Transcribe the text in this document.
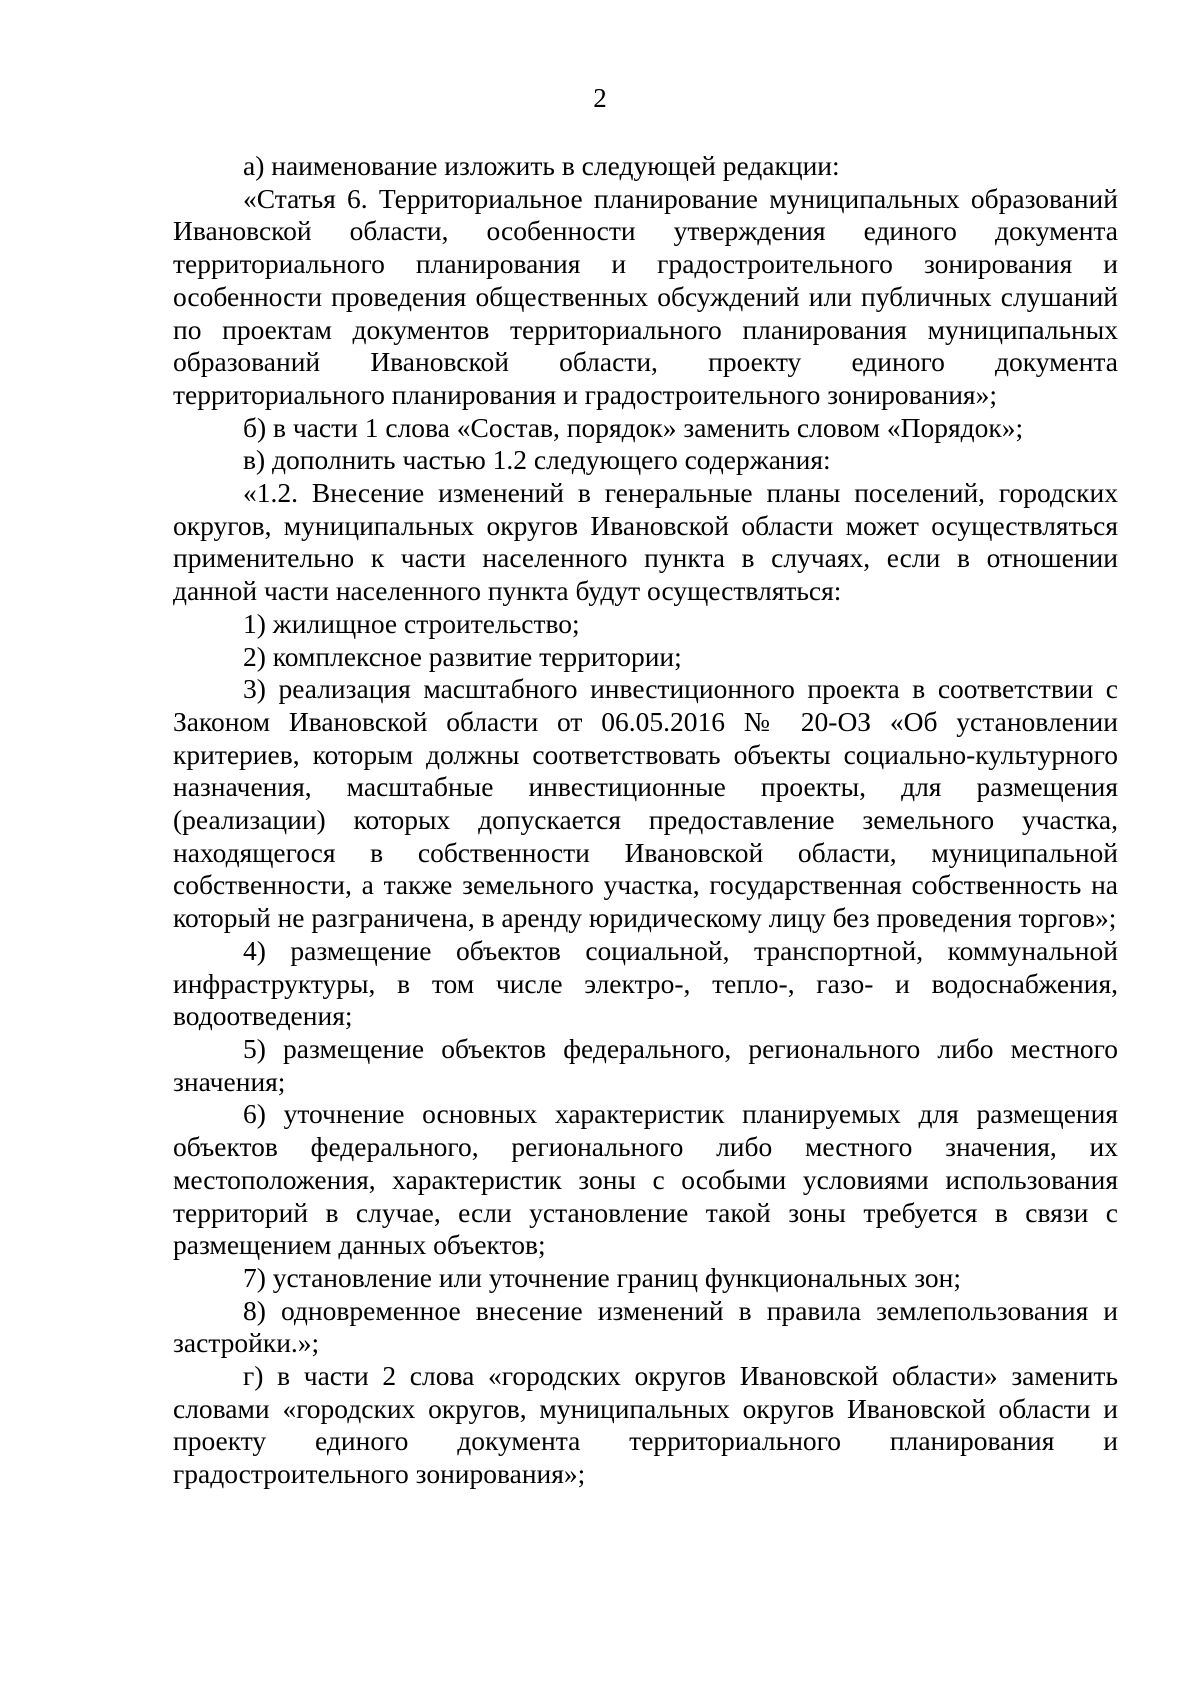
2

а) наименование изложить в следующей редакции:

«Статья 6. Территориальное планирование муниципальных образований Ивановской области, особенности утверждения единого документа территориального планирования и градостроительного зонирования и особенности проведения общественных обсуждений или публичных слушаний по проектам документов территориального планирования муниципальных образований Ивановской области, проекту единого документа территориального планирования и градостроительного зонирования»;

б) в части 1 слова «Состав, порядок» заменить словом «Порядок»;

в) дополнить частью 1.2 следующего содержания:

«1.2. Внесение изменений в генеральные планы поселений, городских округов, муниципальных округов Ивановской области может осуществляться применительно к части населенного пункта в случаях, если в отношении данной части населенного пункта будут осуществляться:

1) жилищное строительство;

2) комплексное развитие территории;

3) реализация масштабного инвестиционного проекта в соответствии с Законом Ивановской области от 06.05.2016 № 20-ОЗ «Об установлении критериев, которым должны соответствовать объекты социально-культурного назначения, масштабные инвестиционные проекты, для размещения (реализации) которых допускается предоставление земельного участка, находящегося в собственности Ивановской области, муниципальной собственности, а также земельного участка, государственная собственность на который не разграничена, в аренду юридическому лицу без проведения торгов»;

4) размещение объектов социальной, транспортной, коммунальной инфраструктуры, в том числе электро-, тепло-, газо- и водоснабжения, водоотведения;

5) размещение объектов федерального, регионального либо местного значения;

6) уточнение основных характеристик планируемых для размещения объектов федерального, регионального либо местного значения, их местоположения, характеристик зоны с особыми условиями использования территорий в случае, если установление такой зоны требуется в связи с размещением данных объектов;

7) установление или уточнение границ функциональных зон;

8) одновременное внесение изменений в правила землепользования и застройки.»;

г) в части 2 слова «городских округов Ивановской области» заменить словами «городских округов, муниципальных округов Ивановской области и проекту единого документа территориального планирования и градостроительного зонирования»;
